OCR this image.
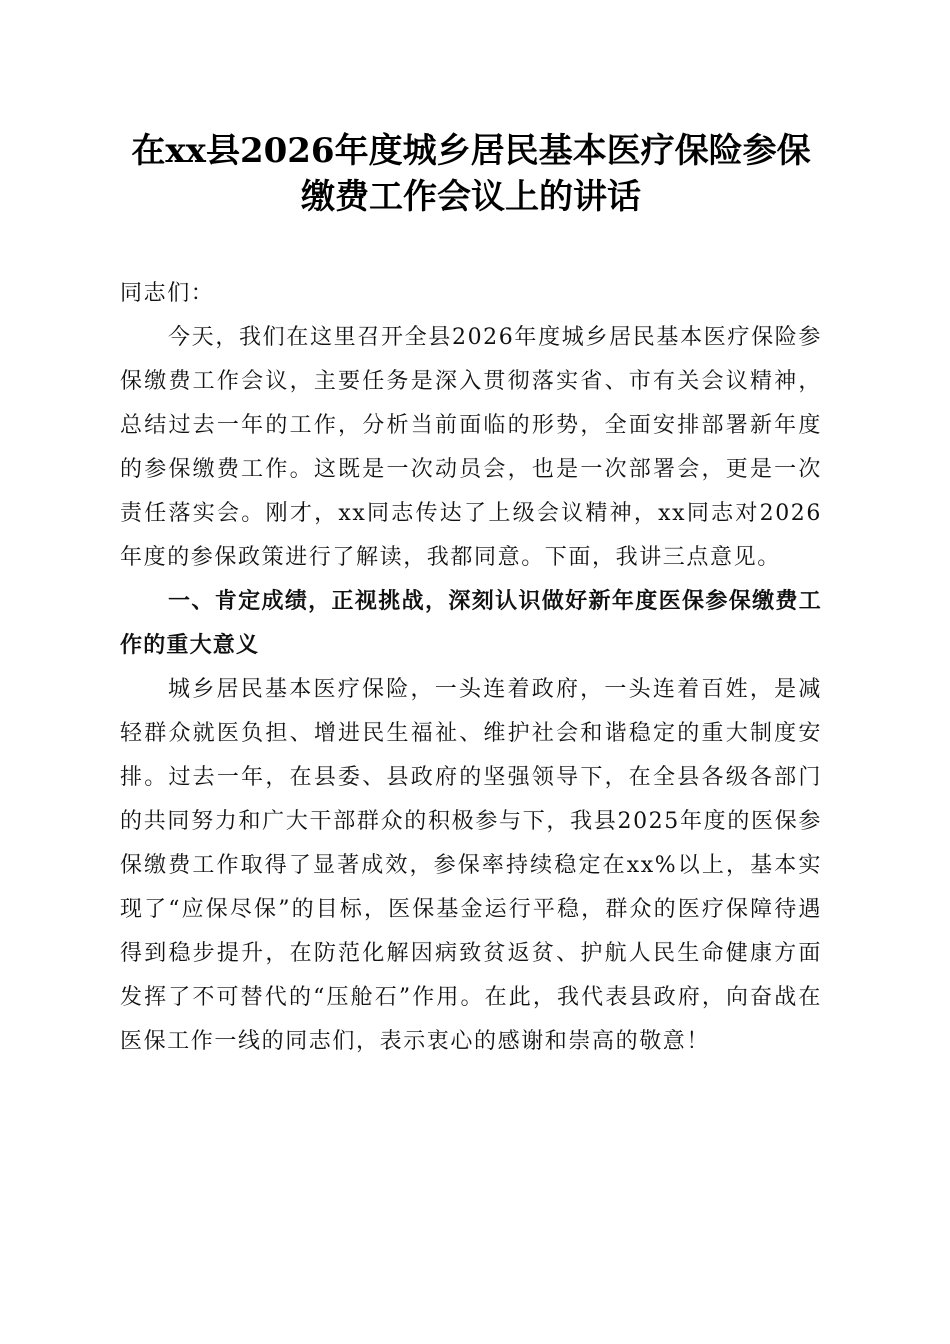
在xx县2026年度城乡居民基本医疗保险参保
缴费工作会议上的讲话

同志们：

今天，我们在这里召开全县2026年度城乡居民基本医疗保险参保缴费工作会议，主要任务是深入贯彻落实省、市有关会议精神，总结过去一年的工作，分析当前面临的形势，全面安排部署新年度的参保缴费工作。这既是一次动员会，也是一次部署会，更是一次责任落实会。刚才，xx同志传达了上级会议精神，xx同志对2026年度的参保政策进行了解读，我都同意。下面，我讲三点意见。

一、肯定成绩，正视挑战，深刻认识做好新年度医保参保缴费工作的重大意义

城乡居民基本医疗保险，一头连着政府，一头连着百姓，是减轻群众就医负担、增进民生福祉、维护社会和谐稳定的重大制度安排。过去一年，在县委、县政府的坚强领导下，在全县各级各部门的共同努力和广大干部群众的积极参与下，我县2025年度的医保参保缴费工作取得了显著成效，参保率持续稳定在xx%以上，基本实现了“应保尽保”的目标，医保基金运行平稳，群众的医疗保障待遇得到稳步提升，在防范化解因病致贫返贫、护航人民生命健康方面发挥了不可替代的“压舱石”作用。在此，我代表县政府，向奋战在医保工作一线的同志们，表示衷心的感谢和崇高的敬意！
